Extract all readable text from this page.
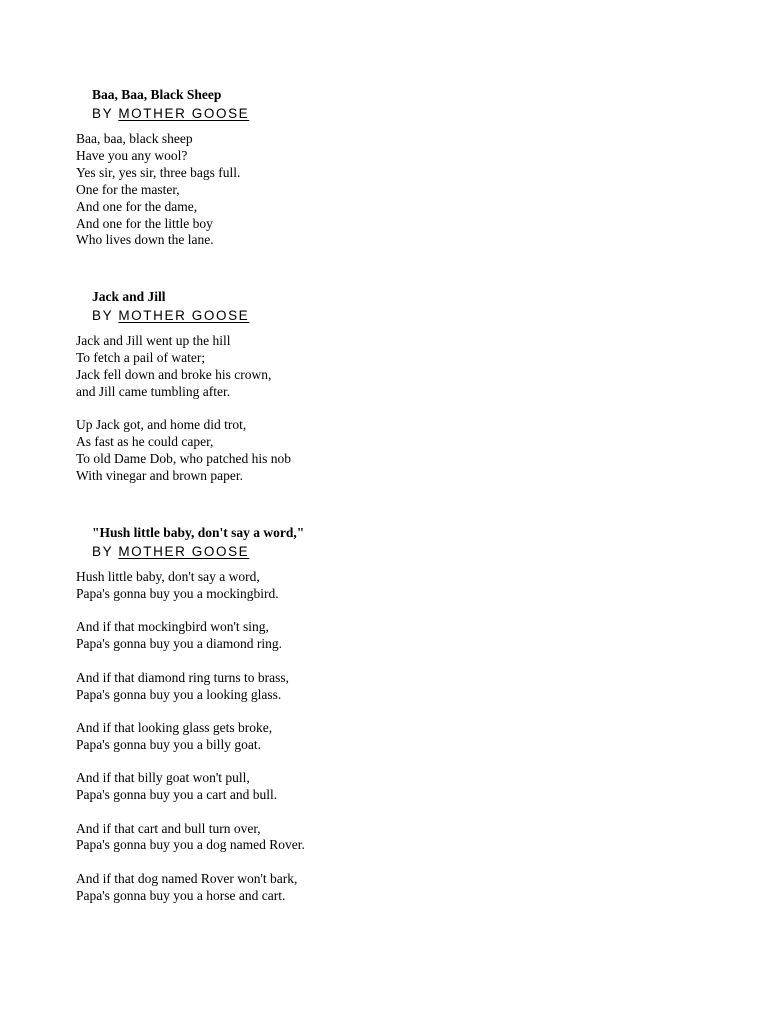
Baa, Baa, Black Sheep
BY MOTHER GOOSE
Baa, baa, black sheep
Have you any wool?
Yes sir, yes sir, three bags full.
One for the master,
And one for the dame,
And one for the little boy
Who lives down the lane.
Jack and Jill
BY MOTHER GOOSE
Jack and Jill went up the hill
To fetch a pail of water;
Jack fell down and broke his crown,
and Jill came tumbling after.
Up Jack got, and home did trot,
As fast as he could caper,
To old Dame Dob, who patched his nob
With vinegar and brown paper.
"Hush little baby, don't say a word,"
BY MOTHER GOOSE
Hush little baby, don't say a word,
Papa's gonna buy you a mockingbird.
And if that mockingbird won't sing,
Papa's gonna buy you a diamond ring.
And if that diamond ring turns to brass,
Papa's gonna buy you a looking glass.
And if that looking glass gets broke,
Papa's gonna buy you a billy goat.
And if that billy goat won't pull,
Papa's gonna buy you a cart and bull.
And if that cart and bull turn over,
Papa's gonna buy you a dog named Rover.
And if that dog named Rover won't bark,
Papa's gonna buy you a horse and cart.
